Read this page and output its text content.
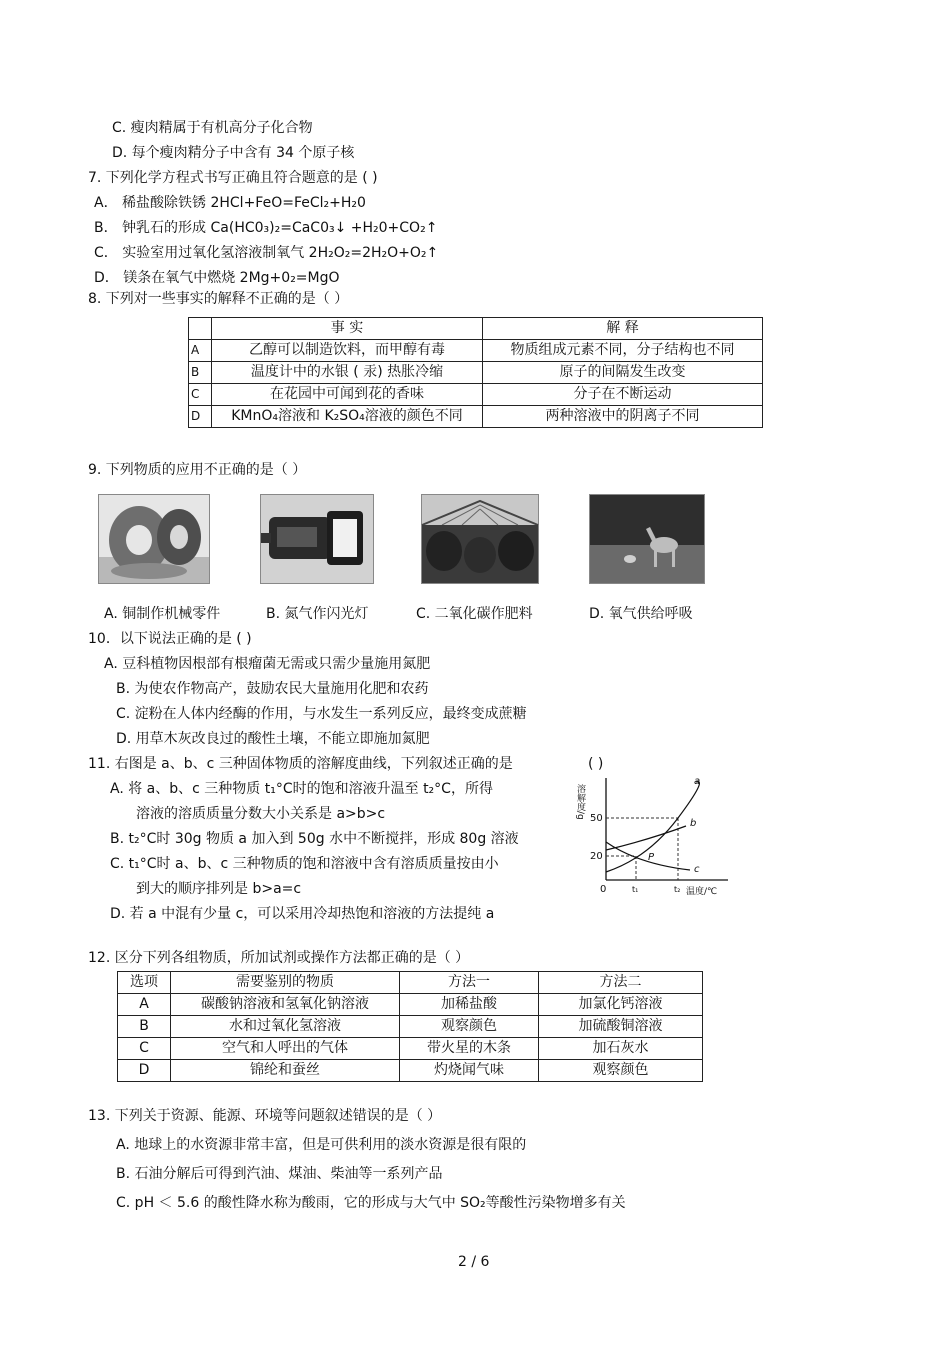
C. 瘦肉精属于有机高分子化合物
D. 每个瘦肉精分子中含有 34 个原子核
7. 下列化学方程式书写正确且符合题意的是 ( )
A． 稀盐酸除铁锈 2HCl+FeO=FeCl₂+H₂0
B． 钟乳石的形成 Ca(HC0₃)₂=CaC0₃↓ +H₂0+CO₂↑
C． 实验室用过氧化氢溶液制氧气 2H₂O₂=2H₂O+O₂↑
D． 镁条在氧气中燃烧 2Mg+0₂=MgO
8. 下列对一些事实的解释不正确的是（ ）
	事 实	解 释
A	乙醇可以制造饮料，而甲醇有毒	物质组成元素不同，分子结构也不同
B	温度计中的水银 ( 汞) 热胀冷缩	原子的间隔发生改变
C	在花园中可闻到花的香味	分子在不断运动
D	KMnO₄溶液和 K₂SO₄溶液的颜色不同	两种溶液中的阴离子不同
9. 下列物质的应用不正确的是（ ）
A. 铜制作机械零件	B. 氮气作闪光灯	C. 二氧化碳作肥料	D. 氧气供给呼吸
10．以下说法正确的是 ( )
A. 豆科植物因根部有根瘤菌无需或只需少量施用氮肥
B. 为使农作物高产，鼓励农民大量施用化肥和农药
C. 淀粉在人体内经酶的作用，与水发生一系列反应，最终变成蔗糖
D. 用草木灰改良过的酸性土壤，不能立即施加氮肥
11. 右图是 a、b、c 三种固体物质的溶解度曲线，下列叙述正确的是	( )
A. 将 a、b、c 三种物质 t₁°C时的饱和溶液升温至 t₂°C，所得
溶液的溶质质量分数大小关系是 a>b>c
B. t₂°C时 30g 物质 a 加入到 50g 水中不断搅拌，形成 80g 溶液
C. t₁°C时 a、b、c 三种物质的饱和溶液中含有溶质质量按由小
到大的顺序排列是 b>a=c
D. 若 a 中混有少量 c，可以采用冷却热饱和溶液的方法提纯 a
溶解度/g 50
20
0	t₁	t₂ 温度/℃
a
b
c
P
12. 区分下列各组物质，所加试剂或操作方法都正确的是（ ）
选项	需要鉴别的物质	方法一	方法二
A	碳酸钠溶液和氢氧化钠溶液	加稀盐酸	加氯化钙溶液
B	水和过氧化氢溶液	观察颜色	加硫酸铜溶液
C	空气和人呼出的气体	带火星的木条	加石灰水
D	锦纶和蚕丝	灼烧闻气味	观察颜色
13. 下列关于资源、能源、环境等问题叙述错误的是（ ）
A. 地球上的水资源非常丰富，但是可供利用的淡水资源是很有限的
B. 石油分解后可得到汽油、煤油、柴油等一系列产品
C. pH ＜ 5.6 的酸性降水称为酸雨，它的形成与大气中 SO₂等酸性污染物增多有关
2 / 6
